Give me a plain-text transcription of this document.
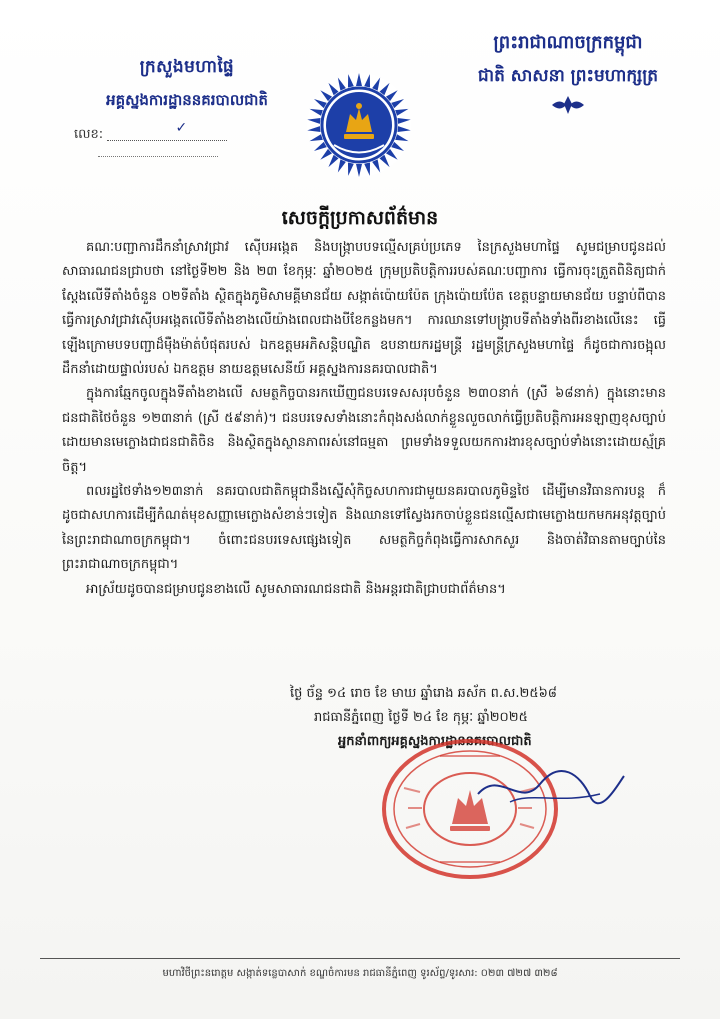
ក្រសួងមហាផ្ទៃ
អគ្គស្នងការដ្ឋាននគរបាលជាតិ
លេខ:	✓
ព្រះរាជាណាចក្រកម្ពុជា
ជាតិ សាសនា ព្រះមហាក្សត្រ
សេចក្តីប្រកាសព័ត៌មាន

គណៈបញ្ជាការដឹកនាំស្រាវជ្រាវ ស៊ើបអង្កេត និងបង្ក្រាបបទល្មើសគ្រប់ប្រភេទ នៃក្រសួងមហាផ្ទៃ សូមជម្រាបជូនដល់សាធារណជនជ្រាបថា នៅថ្ងៃទី២២ និង ២៣ ខែកុម្ភៈ ឆ្នាំ២០២៥ ក្រុមប្រតិបត្តិការរបស់គណៈបញ្ជាការ ធ្វើការចុះត្រួតពិនិត្យជាក់ស្តែងលើទីតាំងចំនួន ០២ទីតាំង ស្ថិតក្នុងភូមិសាមគ្គីមានជ័យ សង្កាត់ប៉ោយប៉ែត ក្រុងប៉ោយប៉ែត ខេត្តបន្ទាយមានជ័យ បន្ទាប់ពីបានធ្វើការស្រាវជ្រាវស៊ើបអង្កេតលើទីតាំងខាងលើយ៉ាងពេលជាងបីខែកន្លងមក។ ការឈានទៅបង្ក្រាបទីតាំងទាំងពីរខាងលើនេះ ធ្វើឡើងក្រោមបទបញ្ជាដ៏ម៉ឺងម៉ាត់បំផុតរបស់ ឯកឧត្តមអភិសន្តិបណ្ឌិត ឧបនាយករដ្ឋមន្ត្រី រដ្ឋមន្ត្រីក្រសួងមហាផ្ទៃ ក៏ដូចជាការចង្អុលដឹកនាំដោយផ្ទាល់របស់ ឯកឧត្តម នាយឧត្តមសេនីយ៍ អគ្គស្នងការនគរបាលជាតិ។

ក្នុងការឆ្មែកចូលក្នុងទីតាំងខាងលើ សមត្ថកិច្ចបានរកឃើញជនបរទេសសរុបចំនួន ២៣០នាក់ (ស្រី ៦៨នាក់) ក្នុងនោះមានជនជាតិថៃចំនួន ១២៣នាក់ (ស្រី ៥៩នាក់)។ ជនបរទេសទាំងនោះកំពុងសង់លាក់ខ្លួនលួចលាក់ធ្វើប្រតិបត្តិការអនឡាញខុសច្បាប់ ដោយមានមេក្លោងជាជនជាតិចិន និងស្ថិតក្នុងស្ថានភាពរស់នៅធម្មតា ព្រមទាំងទទួលយកការងារខុសច្បាប់ទាំងនោះដោយស្ម័គ្រចិត្ត។

ពលរដ្ឋថៃទាំង១២៣នាក់ នគរបាលជាតិកម្ពុជានឹងស្នើសុំកិច្ចសហការជាមួយនគរបាលភូមិន្ទថៃ ដើម្បីមានវិធានការបន្ត ក៏ដូចជាសហការដើម្បីកំណត់មុខសញ្ញាមេក្លោងសំខាន់ៗទៀត និងឈានទៅស្វែងរកចាប់ខ្លួនជនល្មើសជាមេក្លោងយកមកអនុវត្តច្បាប់នៃព្រះរាជាណាចក្រកម្ពុជា។ ចំពោះជនបរទេសផ្សេងទៀត សមត្ថកិច្ចកំពុងធ្វើការសាកសួរ និងចាត់វិធានតាមច្បាប់នៃព្រះរាជាណាចក្រកម្ពុជា។

អាស្រ័យដូចបានជម្រាបជូនខាងលើ សូមសាធារណជនជាតិ និងអន្តរជាតិជ្រាបជាព័ត៌មាន។

ថ្ងៃ ច័ន្ទ ១៤ រោច ខែ មាឃ ឆ្នាំរោង ឆស័ក ព.ស.២៥៦៨
រាជធានីភ្នំពេញ ថ្ងៃទី ២៤ ខែ កុម្ភៈ ឆ្នាំ២០២៥
អ្នកនាំពាក្យអគ្គស្នងការដ្ឋាននគរបាលជាតិ
មហាវិថីព្រះនរោត្តម សង្កាត់ទន្លេបាសាក់ ខណ្ឌចំការមន រាជធានីភ្នំពេញ ទូរស័ព្ទ/ទូរសារ: ០២៣ ៧២៧ ៣២៨
